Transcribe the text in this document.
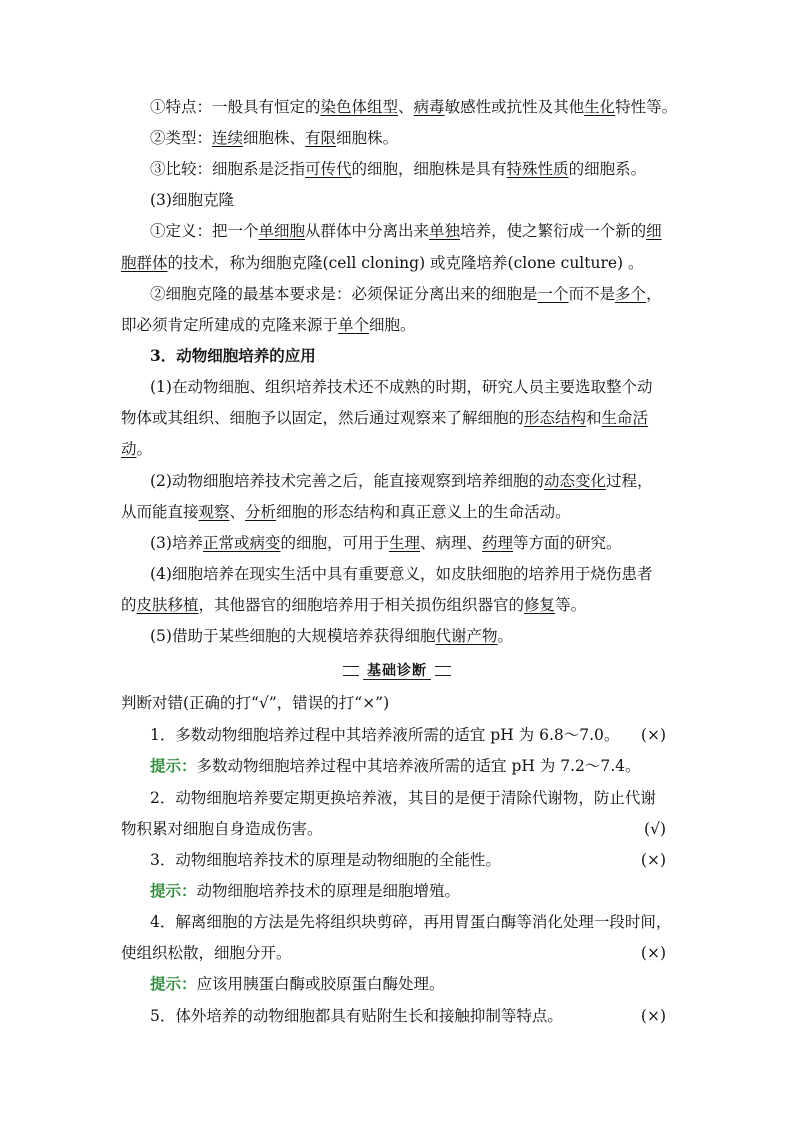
①特点：一般具有恒定的染色体组型、病毒敏感性或抗性及其他生化特性等。
②类型：连续细胞株、有限细胞株。
③比较：细胞系是泛指可传代的细胞，细胞株是具有特殊性质的细胞系。
(3)细胞克隆
①定义：把一个单细胞从群体中分离出来单独培养，使之繁衍成一个新的细
胞群体的技术，称为细胞克隆(cell cloning) 或克隆培养(clone culture) 。
②细胞克隆的最基本要求是：必须保证分离出来的细胞是一个而不是多个，
即必须肯定所建成的克隆来源于单个细胞。
3．动物细胞培养的应用
(1)在动物细胞、组织培养技术还不成熟的时期，研究人员主要选取整个动
物体或其组织、细胞予以固定，然后通过观察来了解细胞的形态结构和生命活
动。
(2)动物细胞培养技术完善之后，能直接观察到培养细胞的动态变化过程，
从而能直接观察、分析细胞的形态结构和真正意义上的生命活动。
(3)培养正常或病变的细胞，可用于生理、病理、药理等方面的研究。
(4)细胞培养在现实生活中具有重要意义，如皮肤细胞的培养用于烧伤患者
的皮肤移植，其他器官的细胞培养用于相关损伤组织器官的修复等。
(5)借助于某些细胞的大规模培养获得细胞代谢产物。
基础诊断
判断对错(正确的打“√”，错误的打“×”)
1．多数动物细胞培养过程中其培养液所需的适宜 pH 为 6.8～7.0。 (×)
提示：多数动物细胞培养过程中其培养液所需的适宜 pH 为 7.2～7.4。
2．动物细胞培养要定期更换培养液，其目的是便于清除代谢物，防止代谢
物积累对细胞自身造成伤害。	(√)
3．动物细胞培养技术的原理是动物细胞的全能性。	(×)
提示：动物细胞培养技术的原理是细胞增殖。
4．解离细胞的方法是先将组织块剪碎，再用胃蛋白酶等消化处理一段时间，
使组织松散，细胞分开。	(×)
提示：应该用胰蛋白酶或胶原蛋白酶处理。
5．体外培养的动物细胞都具有贴附生长和接触抑制等特点。	(×)
